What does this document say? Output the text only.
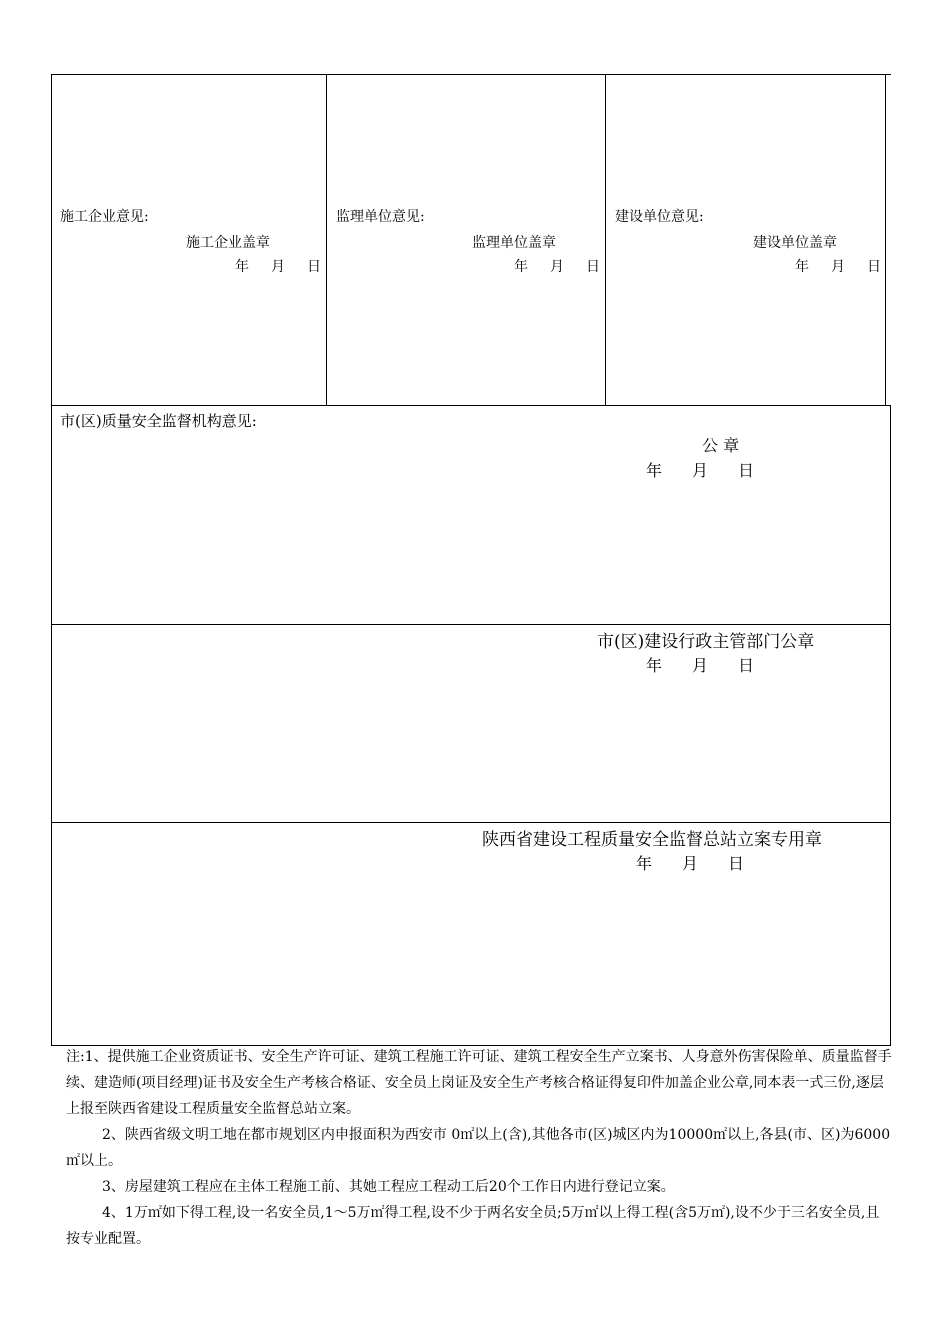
施工企业意见:
施工企业盖章
年 月 日
监理单位意见:
监理单位盖章
年 月 日
建设单位意见:
建设单位盖章
年 月 日
市(区)质量安全监督机构意见:
公 章
年 月 日
市(区)建设行政主管部门公章
年 月 日
陕西省建设工程质量安全监督总站立案专用章
年 月 日

注:1、提供施工企业资质证书、安全生产许可证、建筑工程施工许可证、建筑工程安全生产立案书、人身意外伤害保险单、质量监督手续、建造师(项目经理)证书及安全生产考核合格证、安全员上岗证及安全生产考核合格证得复印件加盖企业公章,同本表一式三份,逐层上报至陕西省建设工程质量安全监督总站立案。

2、陕西省级文明工地在都市规划区内申报面积为西安市 0㎡以上(含),其他各市(区)城区内为10000㎡以上,各县(市、区)为6000㎡以上。

3、房屋建筑工程应在主体工程施工前、其她工程应工程动工后20个工作日内进行登记立案。

4、1万㎡如下得工程,设一名安全员,1～5万㎡得工程,设不少于两名安全员;5万㎡以上得工程(含5万㎡),设不少于三名安全员,且按专业配置。
